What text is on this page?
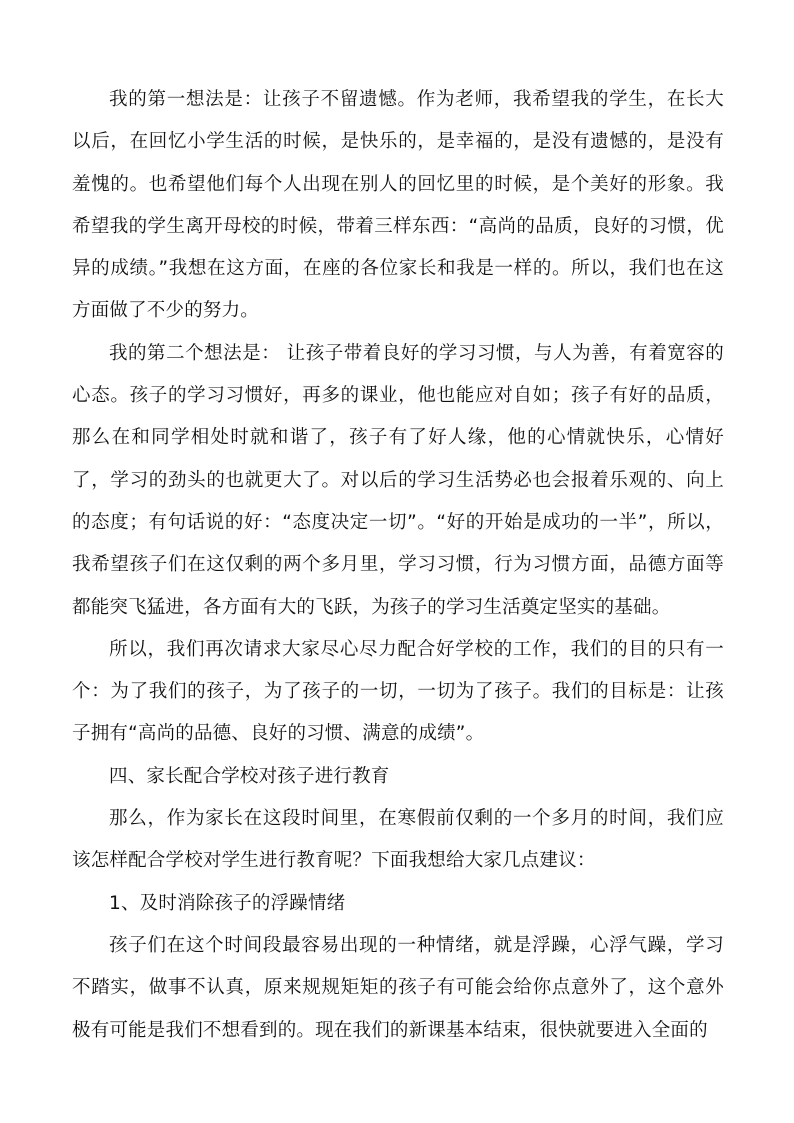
我的第一想法是：让孩子不留遗憾。作为老师，我希望我的学生，在长大以后，在回忆小学生活的时候，是快乐的，是幸福的，是没有遗憾的，是没有羞愧的。也希望他们每个人出现在别人的回忆里的时候，是个美好的形象。我希望我的学生离开母校的时候，带着三样东西：“高尚的品质，良好的习惯，优异的成绩。”我想在这方面，在座的各位家长和我是一样的。所以，我们也在这方面做了不少的努力。

我的第二个想法是： 让孩子带着良好的学习习惯，与人为善，有着宽容的心态。孩子的学习习惯好，再多的课业，他也能应对自如；孩子有好的品质，那么在和同学相处时就和谐了，孩子有了好人缘，他的心情就快乐，心情好了，学习的劲头的也就更大了。对以后的学习生活势必也会报着乐观的、向上的态度；有句话说的好：“态度决定一切”。“好的开始是成功的一半”，所以，我希望孩子们在这仅剩的两个多月里，学习习惯，行为习惯方面，品德方面等都能突飞猛进，各方面有大的飞跃，为孩子的学习生活奠定坚实的基础。

所以，我们再次请求大家尽心尽力配合好学校的工作，我们的目的只有一个：为了我们的孩子，为了孩子的一切，一切为了孩子。我们的目标是：让孩子拥有“高尚的品德、良好的习惯、满意的成绩”。

四、家长配合学校对孩子进行教育

那么，作为家长在这段时间里，在寒假前仅剩的一个多月的时间，我们应该怎样配合学校对学生进行教育呢？下面我想给大家几点建议：

1、及时消除孩子的浮躁情绪

孩子们在这个时间段最容易出现的一种情绪，就是浮躁，心浮气躁，学习不踏实，做事不认真，原来规规矩矩的孩子有可能会给你点意外了，这个意外极有可能是我们不想看到的。现在我们的新课基本结束，很快就要进入全面的
